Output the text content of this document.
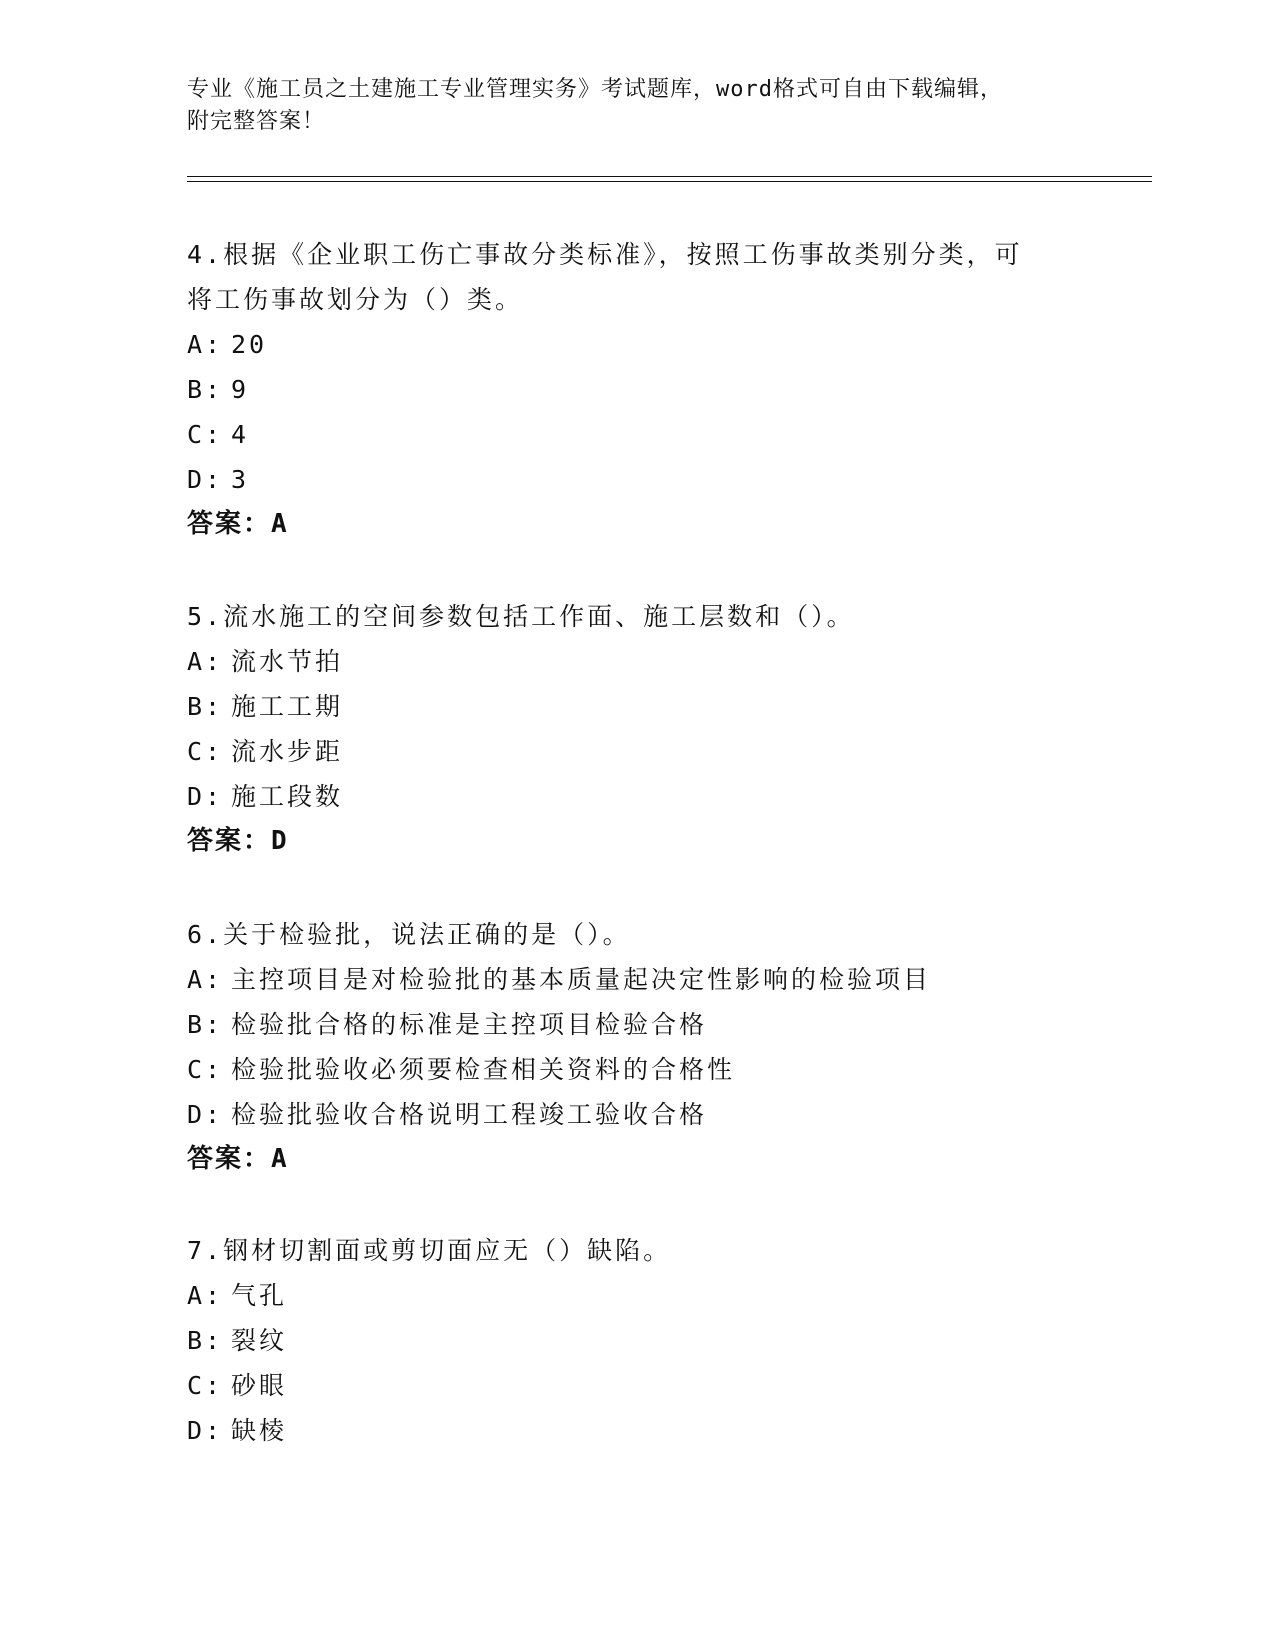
专业《施工员之土建施工专业管理实务》考试题库，word格式可自由下载编辑，
附完整答案！
4.根据《企业职工伤亡事故分类标准》，按照工伤事故类别分类，可
将工伤事故划分为（）类。
A: 20
B: 9
C: 4
D: 3
答案：A
5.流水施工的空间参数包括工作面、施工层数和（）。
A: 流水节拍
B: 施工工期
C: 流水步距
D: 施工段数
答案：D
6.关于检验批，说法正确的是（）。
A: 主控项目是对检验批的基本质量起决定性影响的检验项目
B: 检验批合格的标准是主控项目检验合格
C: 检验批验收必须要检查相关资料的合格性
D: 检验批验收合格说明工程竣工验收合格
答案：A
7.钢材切割面或剪切面应无（）缺陷。
A: 气孔
B: 裂纹
C: 砂眼
D: 缺棱
